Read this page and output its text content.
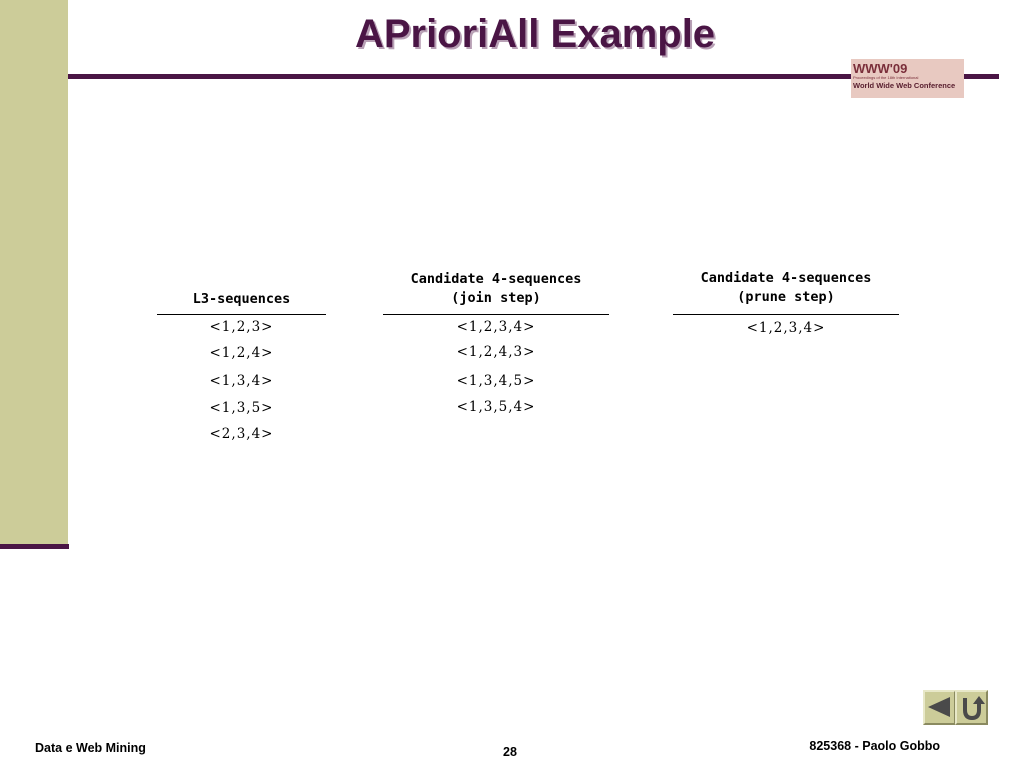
APrioriAll Example
WWW'09
Proceedings of the 18th International
World Wide Web Conference
L3-sequences
<1,2,3>
<1,2,4>
<1,3,4>
<1,3,5>
<2,3,4>
Candidate 4-sequences
(join step)
<1,2,3,4>
<1,2,4,3>
<1,3,4,5>
<1,3,5,4>
Candidate 4-sequences
(prune step)
<1,2,3,4>
Data e Web Mining	28	825368 - Paolo Gobbo
